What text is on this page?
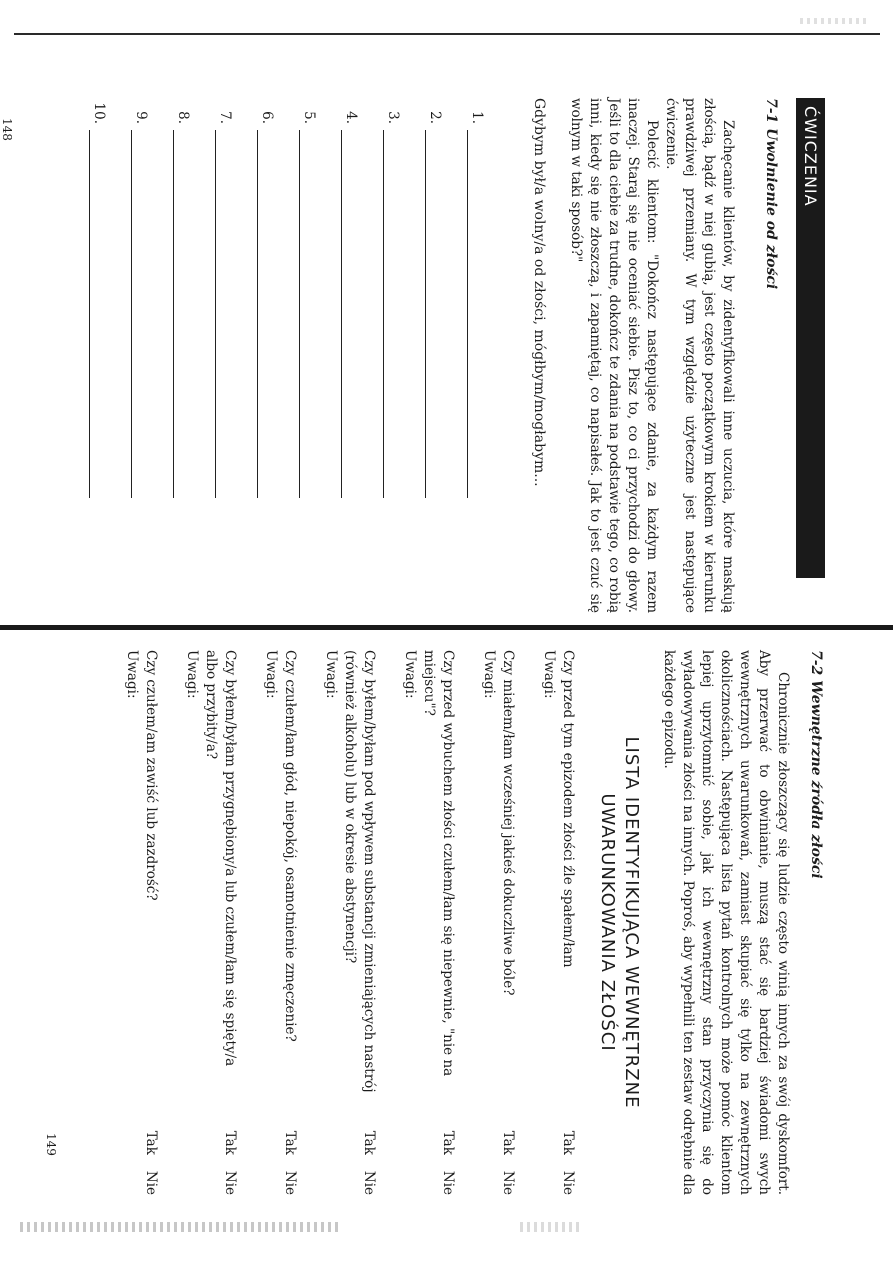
ĆWICZENIA
7-1 Uwolnienie od złości

Zachęcanie klientów, by zidentyfikowali inne uczucia, które maskują złością, bądź w niej gubią, jest często początkowym krokiem w kierunku prawdziwej przemiany. W tym względzie użyteczne jest następujące ćwiczenie.

Polecić klientom: "Dokończ następujące zdanie, za każdym razem inaczej. Staraj się nie oceniać siebie. Pisz to, co ci przychodzi do głowy. Jeśli to dla ciebie za trudne, dokończ te zdania na podstawie tego, co robią inni, kiedy się nie złoszczą, i zapamiętaj, co napisałeś. Jak to jest czuć się wolnym w taki sposób?"

Gdybym był/a wolny/a od złości, mógłbym/mogłabym...
1.
2.
3.
4.
5.
6.
7.
8.
9.
10.
148
7-2 Wewnętrzne źródła złości

Chronicznie złoszczący się ludzie często winią innych za swój dyskomfort. Aby przerwać to obwinianie, muszą stać się bardziej świadomi swych wewnętrznych uwarunkowań, zamiast skupiać się tylko na zewnętrznych okolicznościach. Następująca lista pytań kontrolnych może pomóc klientom lepiej uprzytomnić sobie, jak ich wewnętrzny stan przyczynia się do wyładowywania złości na innych. Poproś, aby wypełnili ten zestaw odrębnie dla każdego epizodu.

LISTA IDENTYFIKUJĄCA WEWNĘTRZNE
UWARUNKOWANIA ZŁOŚCI
Czy przed tym epizodem złości źle spałem/łam
TakNie
Uwagi:
Czy miałem/łam wcześniej jakieś dokuczliwe bóle?
TakNie
Uwagi:
Czy przed wybuchem złości czułem/łam się niepewnie, "nie na miejscu"?
TakNie
Uwagi:
Czy byłem/byłam pod wpływem substancji zmieniających nastrój (również alkoholu) lub w okresie abstynencji?
TakNie
Uwagi:
Czy czułem/łam głód, niepokój, osamotnienie zmęczenie?
TakNie
Uwagi:
Czy byłem/byłam przygnębiony/a lub czułem/łam się spięty/a albo przybity/a?
TakNie
Uwagi:
Czy czułem/am zawiść lub zazdrość?
TakNie
Uwagi:
149
